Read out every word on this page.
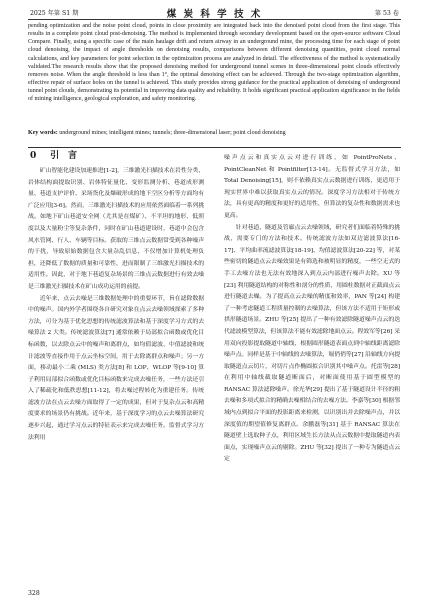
2025 年第 S1 期	煤 炭 科 学 技 术	第 53 卷

pending optimization and the noise point cloud, points in close proximity are integrated back into the denoised point cloud from the first stage. This results in a complete point cloud post-denoising. The method is implemented through secondary development based on the open-source software Cloud Compare. Finally, using a specific case of the main haulage drift and return airway in an underground mine, the processing time for each stage of point cloud denoising, the impact of angle thresholds on denoising results, comparisons between different denoising quantities, point cloud normal calculations, and key parameters for point selection in the optimization process are analyzed in detail. The effectiveness of the method is systematically validated.The research results show that the proposed denoising method for underground tunnel scenes in three-dimensional point clouds effectively removes noise. When the angle threshold is less than 1°, the optimal denoising effect can be achieved. Through the two-stage optimization algorithm, effective repair of surface holes on the tunnel is achieved. This study provides strong guidance for the practical application of denoising of underground tunnel point clouds, demonstrating its potential in improving data quality and reliability. It holds significant practical application significance in the fields of mining intelligence, geological exploration, and safety monitoring.

Key words: underground mines; intelligent mines; tunnels; three-dimensional laser; point cloud denoising

0 引　言

矿山智能化建设加速推进[1-2]，三维激光扫描技术在岩性分类、岩体结构面提取识别、岩体特征量化、变形监测分析、巷道成形测量、巷道支护评价、采场货化及爆破形成的地下空区分析等方面均有广泛应用[3-6]。然而，三维激光扫描技术的应用依然面临着一系列挑战。如地下矿山巷道安全网（尤其是在煤矿）、不平坦的地形、低照度以及大量粉尘等复杂条件，同时在矿山巷道建设时，巷道中会包含风水管网、行人、车辆等目标。获取的三维点云数据常受到各种噪声的干扰，导致原始数据包含大量杂乱信息，不仅增加计算机处理负担，还降低了数据的质量和可靠性，进而限制了三维激光扫描技术的适用性。因此，对于地下巷道复杂场景的三维点云数据进行有效去噪是三维激光扫描技术在矿山成功运用的前提。

近年来，点云去噪是三维数据处理中的重要环节，旨在滤除数据中的噪声。国内外学者围绕各自研究对象在点云去噪领域探索了多种方法，可分为基于优化思想的传统滤波算法和基于深度学习方式的去噪算法 2 大类。传统滤波算法[7] 通常依赖于局部拟合函数或优化目标函数，以去除点云中的噪声和离群点，如均值滤波、中值滤波和统计滤波等直接作用于点云坐标空间，用于去除离群点和噪声；另一方面，移动最小二乘 (MLS) 类方法[8] 和 LOP、WLOP 等[9-10] 算子利用局部拟合函数或优化目标函数来完成去噪任务，一些方法还引入了稀疏化和低秩思想[11-12]，将去噪过程转化为重建任务。传统滤波方法在点云去噪方面取得了一定的成果，但对于复杂点云和高精度要求的场景仍有挑战。近年来，基于深度学习的点云去噪算法研究逐步兴起，通过学习点云的特征表示来完成去噪任务。监督式学习方法利用

噪声点云和真实点云对进行训练，如 PointProNets、PointCleanNet 和 Pointfilter[13-14]。无监督式学习方法，如 Total Denoising[15]，则不依赖真实点云数据进行训练，更适用于现实世界中难以获取真实点云的情况。深度学习方法相对于传统方法，具有更高的精度和更好的适用性，但算法的复杂性和数据需求也更高。

针对巷道、隧道及管廊点云去噪领域，研究者们面临着特殊的挑战，需要专门的方法和技术。传统滤波方法如双边滤波算法[16-17]、平均曲率流滤波算法[18-19]、均值滤波算法[20-22] 等，对某些密切的隧道点云去噪效果是有筛选和被明显的精度，一些空无式的手工去噪方法也无法有效地深入到点云内部进行噪声去除。XU 等[23] 利用隧道结构的对称性和剖分的性质，用圆柱数据对正截面点云进行隧道去燥。为了提高点云去噪的精度和效率，PAN 等[24] 构建了一种考虑隧道工程质量控制的去噪算法，但该方法不适用于矩形或拱形隧道场景。ZHU 等[25] 提出了一种有效滤除隧道噪声点云的迭代滤波模型算法，但该算法不能有效滤除地面点云。程效军等[26] 采用双向投影提取隧道中轴线，根据圆形隧道表面点到中轴线距离滤除噪声点。同样是基于中轴线的去噪算法，堀俏俏等[27] 沿轴线方向提取隧道点云切片，对切片点作椭圆拟合识别其中噪声点。托雷等[28] 在利用中轴线截取隧道断面后，对断面使用基于圆型模型的 RANSAC 算法滤除噪声。徐光华[29] 提出了基于隧道设计半径的粗去噪和多项式拟合的精确去噪相结合的去噪方法。李嘉等[30] 根据邻域内点到拟合平面的投影距离来检测，以识别出并去除噪声点，并以深度值的期望值修复离群点。余鹏磊等[31] 基于 RANSAC 算法在隧道壁上选取种子点，利用区域生长方法从点云数据中提取隧道内表面点，实现噪声点云的剔除。ZHU 等[32] 提出了一种专为隧道点云定

328
